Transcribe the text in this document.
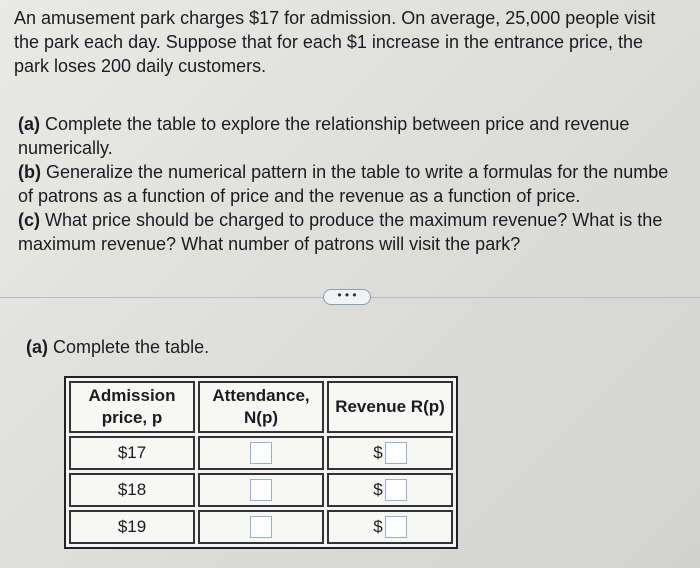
An amusement park charges $17 for admission. On average, 25,000 people visit
the park each day. Suppose that for each $1 increase in the entrance price, the
park loses 200 daily customers.

(a) Complete the table to explore the relationship between price and revenue

numerically.

(b) Generalize the numerical pattern in the table to write a formulas for the numbe

of patrons as a function of price and the revenue as a function of price.

(c) What price should be charged to produce the maximum revenue? What is the

maximum revenue? What number of patrons will visit the park?

• • •
(a) Complete the table.
Admission
price, p	Attendance,
N(p)	Revenue R(p)
$17		$
$18		$
$19		$
